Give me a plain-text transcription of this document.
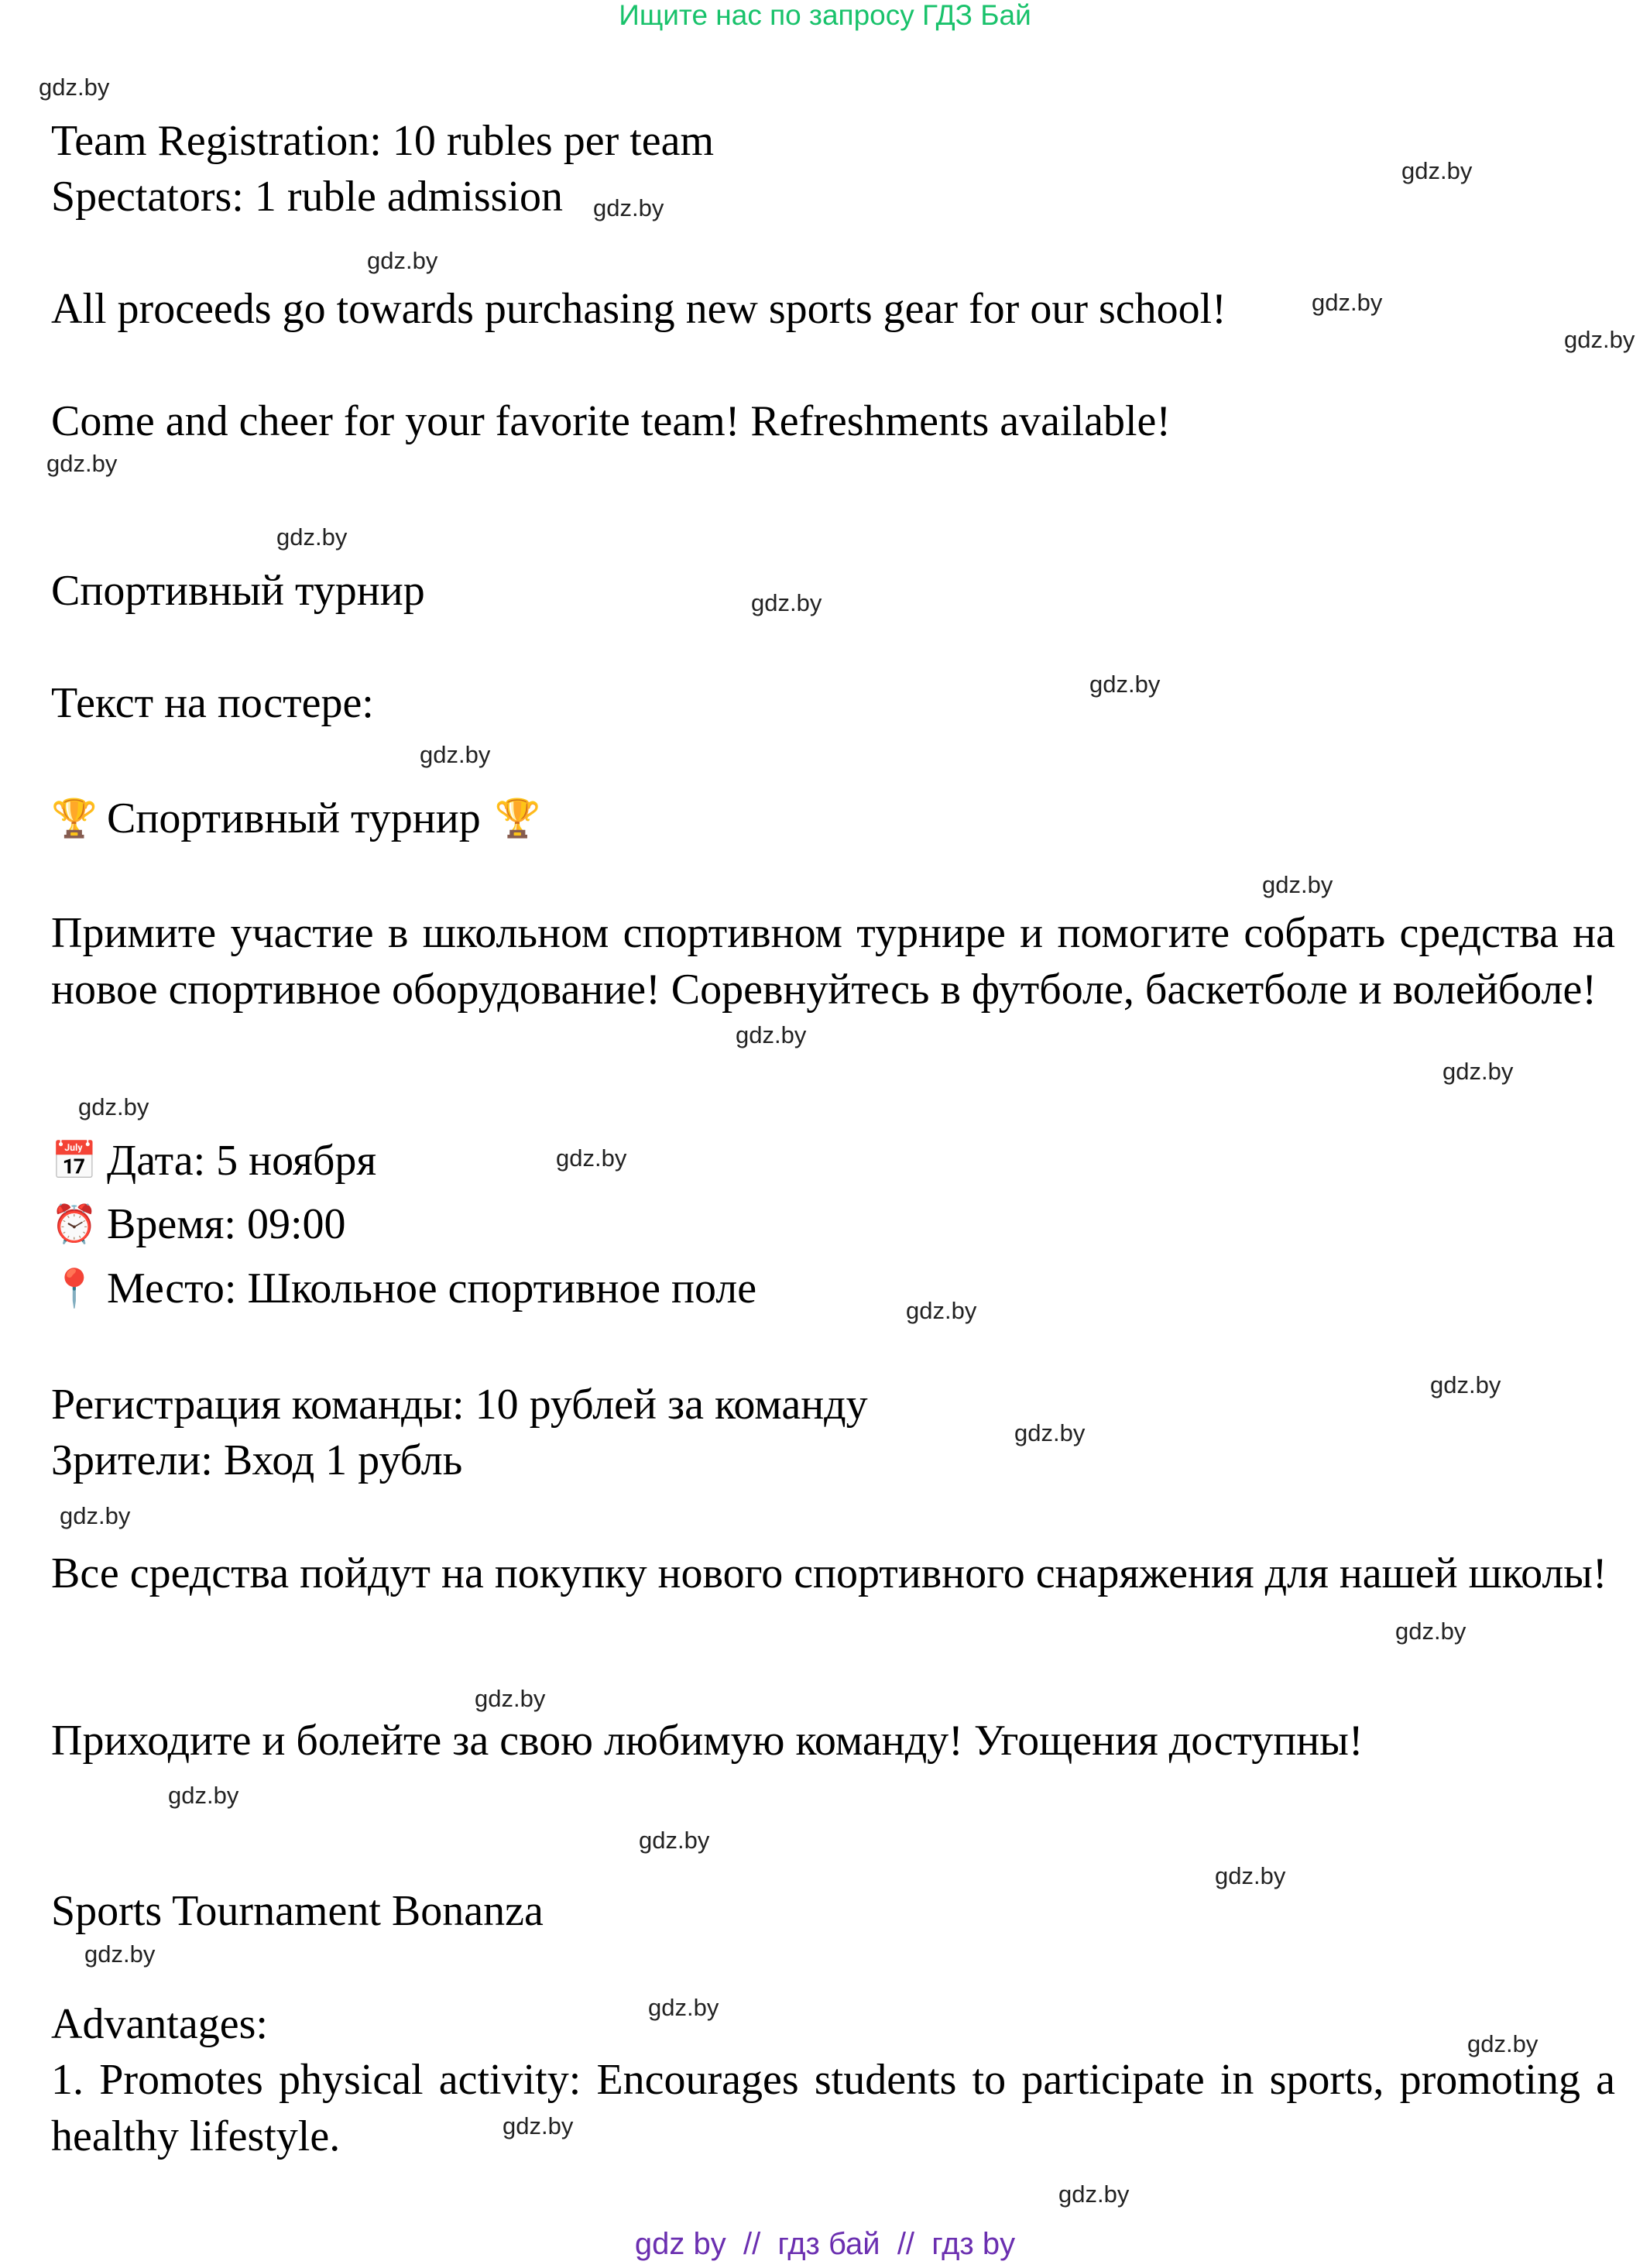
Ищите нас по запросу ГДЗ Бай

Team Registration: 10 rubles per team

Spectators: 1 ruble admission

All proceeds go towards purchasing new sports gear for our school!

Come and cheer for your favorite team! Refreshments available!

Спортивный турнир

Текст на постере:

🏆 Спортивный турнир 🏆

Примите участие в школьном спортивном турнире и помогите собрать средства на новое спортивное оборудование! Соревнуйтесь в футболе, баскетболе и волейболе!

📅 Дата: 5 ноября

⏰ Время: 09:00

📍 Место: Школьное спортивное поле

Регистрация команды: 10 рублей за команду

Зрители: Вход 1 рубль

Все средства пойдут на покупку нового спортивного снаряжения для нашей школы!

Приходите и болейте за свою любимую команду! Угощения доступны!

Sports Tournament Bonanza

Advantages:

1. Promotes physical activity: Encourages students to participate in sports, promoting a healthy lifestyle.

gdz.by
gdz.by
gdz.by
gdz.by
gdz.by
gdz.by
gdz.by
gdz.by
gdz.by
gdz.by
gdz.by
gdz.by
gdz.by
gdz.by
gdz.by
gdz.by
gdz.by
gdz.by
gdz.by
gdz.by
gdz.by
gdz.by
gdz.by
gdz.by
gdz.by
gdz.by
gdz.by
gdz.by
gdz.by
gdz.by
gdz by  //  гдз бай  //  гдз by
